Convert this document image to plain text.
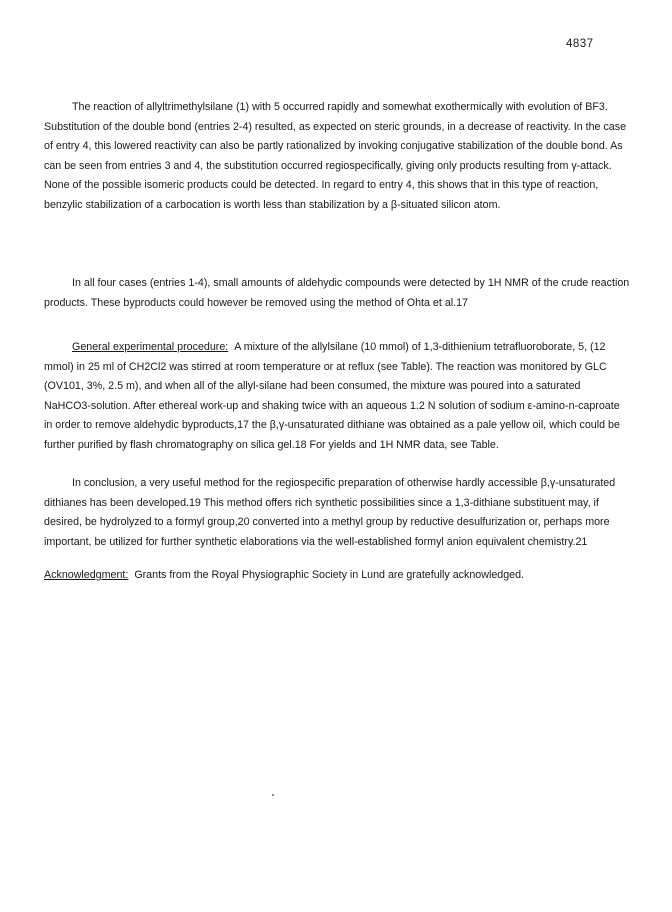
4837

The reaction of allyltrimethylsilane (1) with 5 occurred rapidly and somewhat exothermically with evolution of BF3. Substitution of the double bond (entries 2-4) resulted, as expected on steric grounds, in a decrease of reactivity. In the case of entry 4, this lowered reactivity can also be partly rationalized by invoking conjugative stabilization of the double bond. As can be seen from entries 3 and 4, the substitution occurred regiospecifically, giving only products resulting from γ-attack. None of the possible isomeric products could be detected. In regard to entry 4, this shows that in this type of reaction, benzylic stabilization of a carbocation is worth less than stabilization by a β-situated silicon atom.

In all four cases (entries 1-4), small amounts of aldehydic compounds were detected by 1H NMR of the crude reaction products. These byproducts could however be removed using the method of Ohta et al.17

General experimental procedure: A mixture of the allylsilane (10 mmol) of 1,3-dithienium tetrafluoroborate, 5, (12 mmol) in 25 ml of CH2Cl2 was stirred at room temperature or at reflux (see Table). The reaction was monitored by GLC (OV101, 3%, 2.5 m), and when all of the allyl-silane had been consumed, the mixture was poured into a saturated NaHCO3-solution. After ethereal work-up and shaking twice with an aqueous 1.2 N solution of sodium ε-amino-n-caproate in order to remove aldehydic byproducts,17 the β,γ-unsaturated dithiane was obtained as a pale yellow oil, which could be further purified by flash chromatography on silica gel.18 For yields and 1H NMR data, see Table.

In conclusion, a very useful method for the regiospecific preparation of otherwise hardly accessible β,γ-unsaturated dithianes has been developed.19 This method offers rich synthetic possibilities since a 1,3-dithiane substituent may, if desired, be hydrolyzed to a formyl group,20 converted into a methyl group by reductive desulfurization or, perhaps more important, be utilized for further synthetic elaborations via the well-established formyl anion equivalent chemistry.21

Acknowledgment: Grants from the Royal Physiographic Society in Lund are gratefully acknowledged.
